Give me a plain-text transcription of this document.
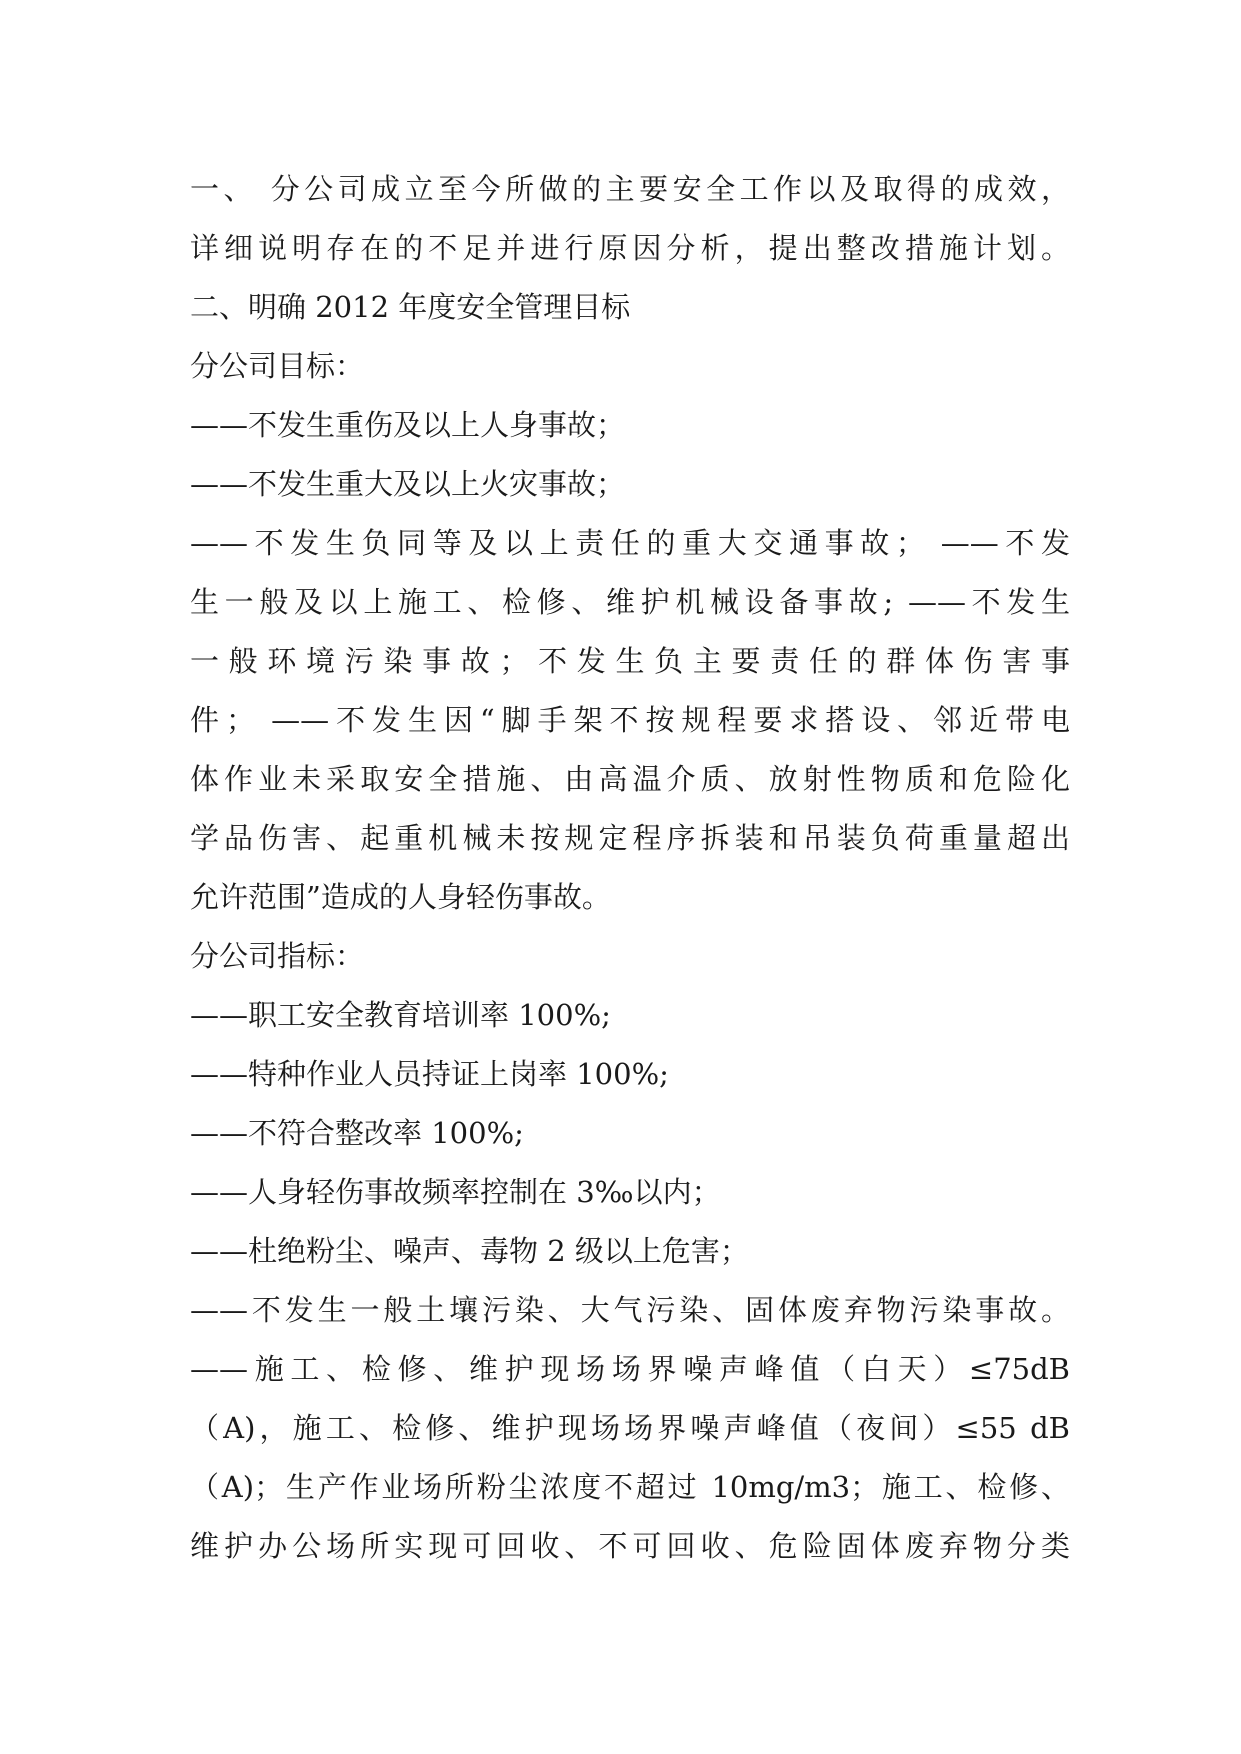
一、 分公司成立至今所做的主要安全工作以及取得的成效，
详细说明存在的不足并进行原因分析，提出整改措施计划。
二、明确 2012 年度安全管理目标
分公司目标：
——不发生重伤及以上人身事故；
——不发生重大及以上火灾事故；
——不发生负同等及以上责任的重大交通事故； ——不发
生一般及以上施工、检修、维护机械设备事故; ——不发生
一般环境污染事故；不发生负主要责任的群体伤害事
件； ——不发生因“脚手架不按规程要求搭设、邻近带电
体作业未采取安全措施、由高温介质、放射性物质和危险化
学品伤害、起重机械未按规定程序拆装和吊装负荷重量超出
允许范围”造成的人身轻伤事故。
分公司指标：
——职工安全教育培训率 100%;
——特种作业人员持证上岗率 100%;
——不符合整改率 100%;
——人身轻伤事故频率控制在 3‰以内；
——杜绝粉尘、噪声、毒物 2 级以上危害；
——不发生一般土壤污染、大气污染、固体废弃物污染事故。
——施工、检修、维护现场场界噪声峰值（白天）≤75dB
（A)，施工、检修、维护现场场界噪声峰值（夜间）≤55 dB
（A)；生产作业场所粉尘浓度不超过 10mg/m3；施工、检修、
维护办公场所实现可回收、不可回收、危险固体废弃物分类
